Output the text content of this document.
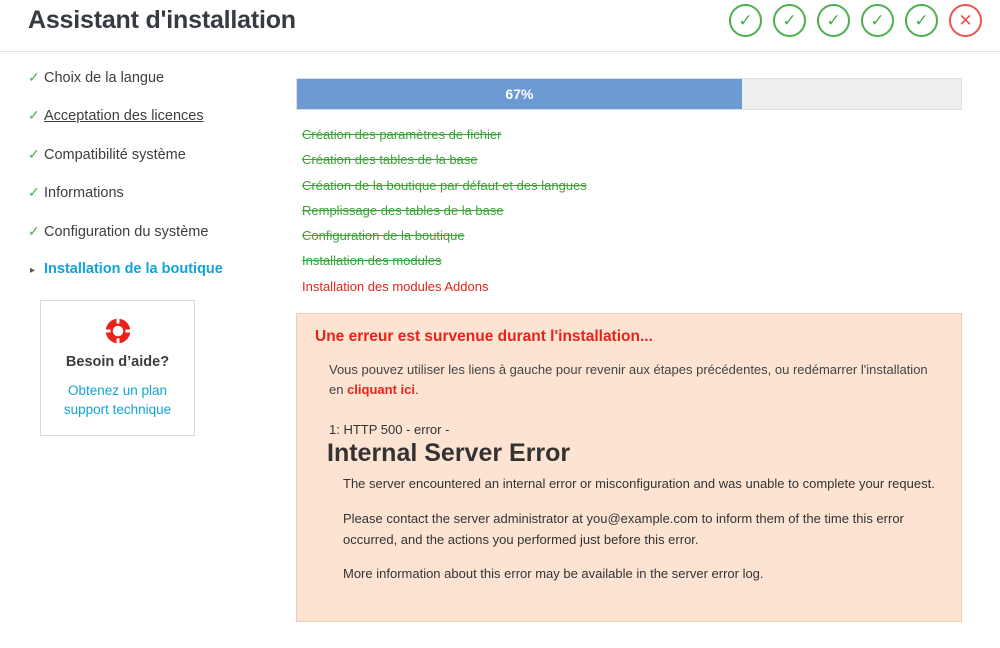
Assistant d'installation	✓ ✓ ✓ ✓ ✓ ✕
✓ Choix de la langue
✓ Acceptation des licences
✓ Compatibilité système
✓ Informations
✓ Configuration du système
▸ Installation de la boutique
Besoin d’aide?
Obtenez un plan
support technique
67%
Création des paramètres de fichier
Création des tables de la base
Création de la boutique par défaut et des langues
Remplissage des tables de la base
Configuration de la boutique
Installation des modules
Installation des modules Addons
Une erreur est survenue durant l'installation...
Vous pouvez utiliser les liens à gauche pour revenir aux étapes précédentes, ou redémarrer l'installation en cliquant ici.
1: HTTP 500 - error -
Internal Server Error
The server encountered an internal error or misconfiguration and was unable to complete your request.
Please contact the server administrator at you@example.com to inform them of the time this error occurred, and the actions you performed just before this error.
More information about this error may be available in the server error log.
